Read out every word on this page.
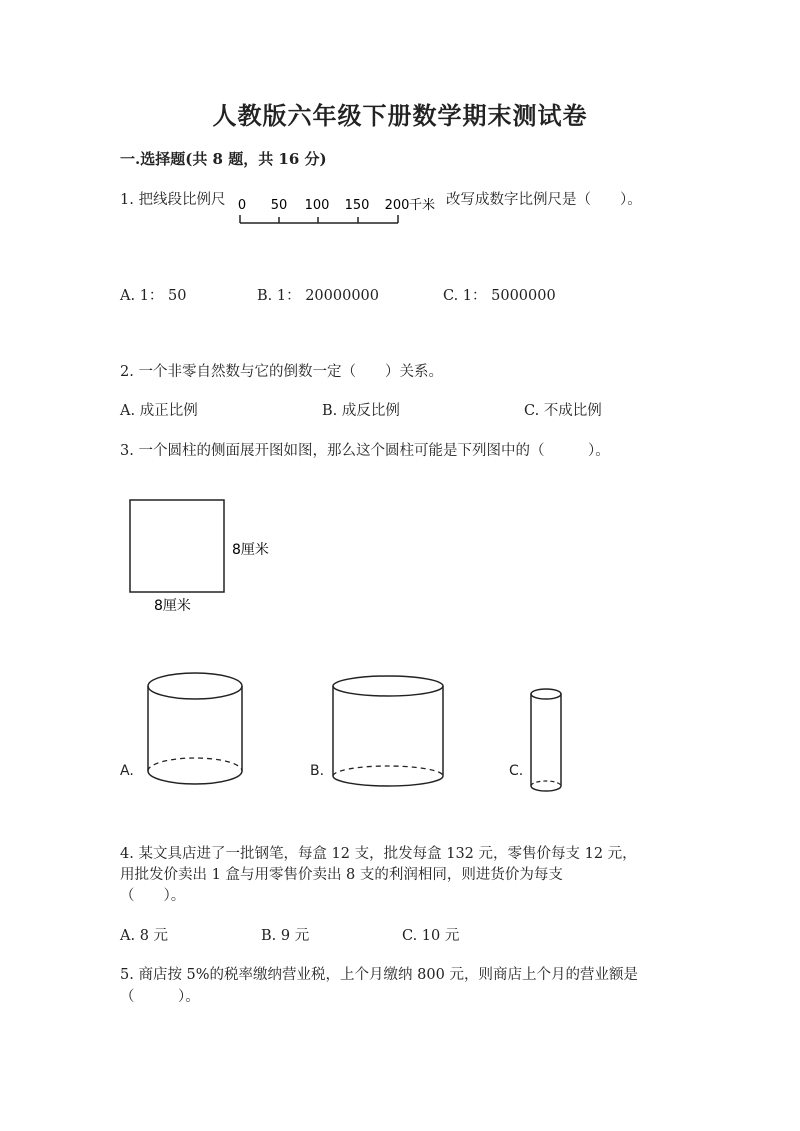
人教版六年级下册数学期末测试卷
一.选择题(共 8 题，共 16 分)
1. 把线段比例尺 0 50 100 150 200 千米 改写成数字比例尺是（　　）。
A. 1： 50	B. 1： 20000000	C. 1： 5000000
2. 一个非零自然数与它的倒数一定（　　）关系。
A. 成正比例	B. 成反比例	C. 不成比例
3. 一个圆柱的侧面展开图如图，那么这个圆柱可能是下列图中的（　　　）。
8厘米
8厘米
A.	B.	C.
4. 某文具店进了一批钢笔，每盒 12 支，批发每盒 132 元，零售价每支 12 元，
用批发价卖出 1 盒与用零售价卖出 8 支的利润相同，则进货价为每支
（　　）。
A. 8 元	B. 9 元	C. 10 元
5. 商店按 5%的税率缴纳营业税，上个月缴纳 800 元，则商店上个月的营业额是
（　　　）。
